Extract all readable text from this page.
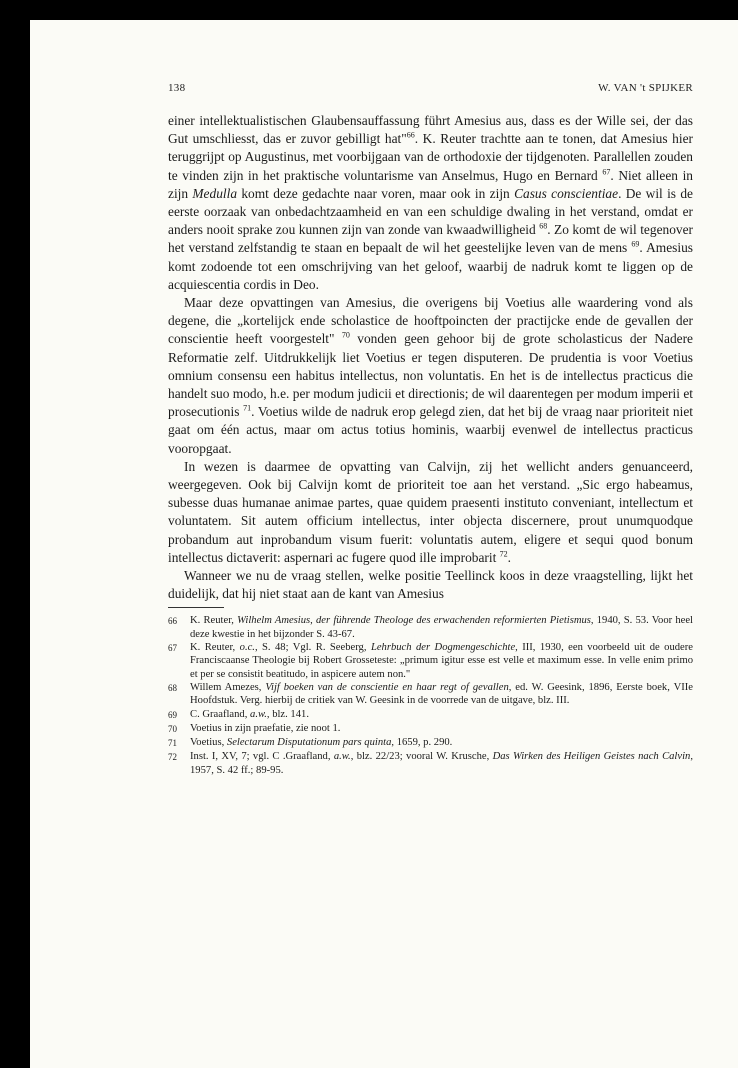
138	W. VAN 't SPIJKER

einer intellektualistischen Glaubensauffassung führt Amesius aus, dass es der Wille sei, der das Gut umschliesst, das er zuvor gebilligt hat"$^{66}$. K. Reuter trachtte aan te tonen, dat Amesius hier teruggrijpt op Augustinus, met voorbijgaan van de orthodoxie der tijdgenoten. Parallellen zouden te vinden zijn in het praktische voluntarisme van Anselmus, Hugo en Bernard $^{67}$. Niet alleen in zijn Medulla komt deze gedachte naar voren, maar ook in zijn Casus conscientiae. De wil is de eerste oorzaak van onbedachtzaamheid en van een schuldige dwaling in het verstand, omdat er anders nooit sprake zou kunnen zijn van zonde van kwaadwilligheid $^{68}$. Zo komt de wil tegenover het verstand zelfstandig te staan en bepaalt de wil het geestelijke leven van de mens $^{69}$. Amesius komt zodoende tot een omschrijving van het geloof, waarbij de nadruk komt te liggen op de acquiescentia cordis in Deo.

Maar deze opvattingen van Amesius, die overigens bij Voetius alle waardering vond als degene, die „kortelijck ende scholastice de hooftpoincten der practijcke ende de gevallen der conscientie heeft voorgestelt" $^{70}$ vonden geen gehoor bij de grote scholasticus der Nadere Reformatie zelf. Uitdrukkelijk liet Voetius er tegen disputeren. De prudentia is voor Voetius omnium consensu een habitus intellectus, non voluntatis. En het is de intellectus practicus die handelt suo modo, h.e. per modum judicii et directionis; de wil daarentegen per modum imperii et prosecutionis $^{71}$. Voetius wilde de nadruk erop gelegd zien, dat het bij de vraag naar prioriteit niet gaat om één actus, maar om actus totius hominis, waarbij evenwel de intellectus practicus vooropgaat.

In wezen is daarmee de opvatting van Calvijn, zij het wellicht anders genuanceerd, weergegeven. Ook bij Calvijn komt de prioriteit toe aan het verstand. „Sic ergo habeamus, subesse duas humanae animae partes, quae quidem praesenti instituto conveniant, intellectum et voluntatem. Sit autem officium intellectus, inter objecta discernere, prout unumquodque probandum aut inprobandum visum fuerit: voluntatis autem, eligere et sequi quod bonum intellectus dictaverit: aspernari ac fugere quod ille improbarit $^{72}$.

Wanneer we nu de vraag stellen, welke positie Teellinck koos in deze vraagstelling, lijkt het duidelijk, dat hij niet staat aan de kant van Amesius

66	K. Reuter, Wilhelm Amesius, der führende Theologe des erwachenden reformierten Pietismus, 1940, S. 53. Voor heel deze kwestie in het bijzonder S. 43-67.
67	K. Reuter, o.c., S. 48; Vgl. R. Seeberg, Lehrbuch der Dogmengeschichte, III, 1930, een voorbeeld uit de oudere Franciscaanse Theologie bij Robert Grosseteste: „primum igitur esse est velle et maximum esse. In velle enim primo et per se consistit beatitudo, in aspicere autem non."
68	Willem Amezes, Vijf boeken van de conscientie en haar regt of gevallen, ed. W. Geesink, 1896, Eerste boek, VIIe Hoofdstuk. Verg. hierbij de critiek van W. Geesink in de voorrede van de uitgave, blz. III.
69	C. Graafland, a.w., blz. 141.
70	Voetius in zijn praefatie, zie noot 1.
71	Voetius, Selectarum Disputationum pars quinta, 1659, p. 290.
72	Inst. I, XV, 7; vgl. C .Graafland, a.w., blz. 22/23; vooral W. Krusche, Das Wirken des Heiligen Geistes nach Calvin, 1957, S. 42 ff.; 89-95.
